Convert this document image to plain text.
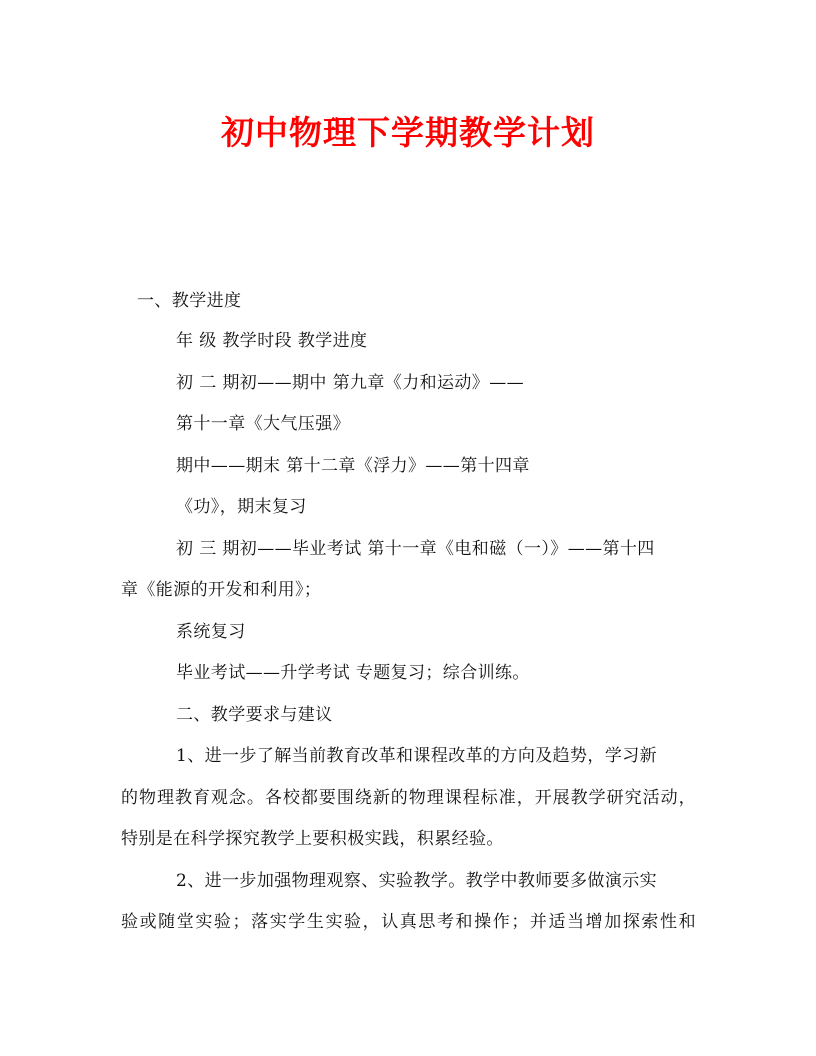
初中物理下学期教学计划
一、教学进度
年 级 教学时段 教学进度
初 二 期初——期中 第九章《力和运动》——
第十一章《大气压强》
期中——期末 第十二章《浮力》——第十四章
《功》，期末复习
初 三 期初——毕业考试 第十一章《电和磁（一）》——第十四
章《能源的开发和利用》；
系统复习
毕业考试——升学考试 专题复习；综合训练。
二、教学要求与建议
1、进一步了解当前教育改革和课程改革的方向及趋势，学习新
的物理教育观念。各校都要围绕新的物理课程标准，开展教学研究活动，
特别是在科学探究教学上要积极实践，积累经验。
2、进一步加强物理观察、实验教学。教学中教师要多做演示实
验或随堂实验；落实学生实验，认真思考和操作；并适当增加探索性和
